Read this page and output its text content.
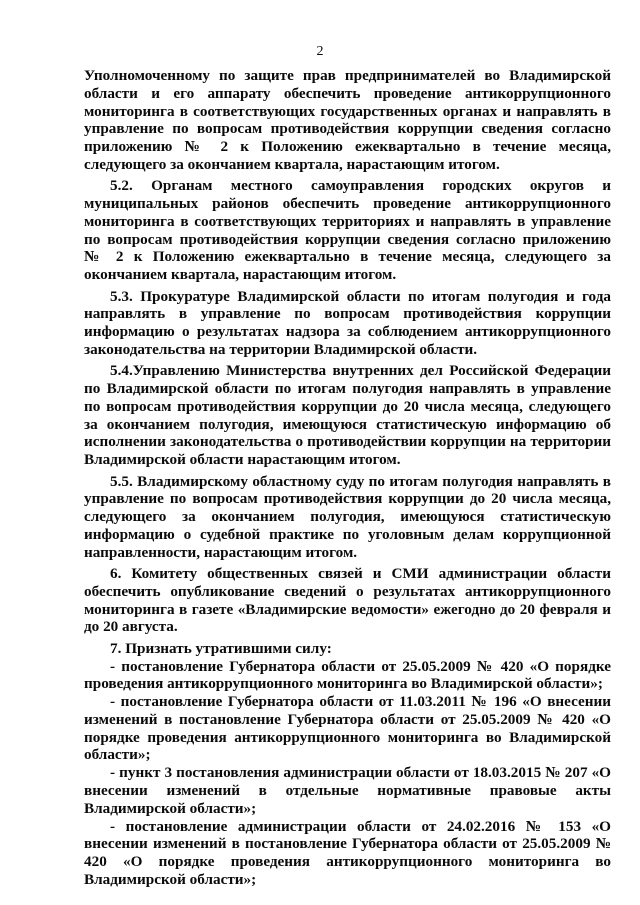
2

Уполномоченному по защите прав предпринимателей во Владимирской области и его аппарату обеспечить проведение антикоррупционного мониторинга в соответствующих государственных органах и направлять в управление по вопросам противодействия коррупции сведения согласно приложению № 2 к Положению ежеквартально в течение месяца, следующего за окончанием квартала, нарастающим итогом.

5.2. Органам местного самоуправления городских округов и муниципальных районов обеспечить проведение антикоррупционного мониторинга в соответствующих территориях и направлять в управление по вопросам противодействия коррупции сведения согласно приложению № 2 к Положению ежеквартально в течение месяца, следующего за окончанием квартала, нарастающим итогом.

5.3. Прокуратуре Владимирской области по итогам полугодия и года направлять в управление по вопросам противодействия коррупции информацию о результатах надзора за соблюдением антикоррупционного законодательства на территории Владимирской области.

5.4.Управлению Министерства внутренних дел Российской Федерации по Владимирской области по итогам полугодия направлять в управление по вопросам противодействия коррупции до 20 числа месяца, следующего за окончанием полугодия, имеющуюся статистическую информацию об исполнении законодательства о противодействии коррупции на территории Владимирской области нарастающим итогом.

5.5. Владимирскому областному суду по итогам полугодия направлять в управление по вопросам противодействия коррупции до 20 числа месяца, следующего за окончанием полугодия, имеющуюся статистическую информацию о судебной практике по уголовным делам коррупционной направленности, нарастающим итогом.

6. Комитету общественных связей и СМИ администрации области обеспечить опубликование сведений о результатах антикоррупционного мониторинга в газете «Владимирские ведомости» ежегодно до 20 февраля и до 20 августа.

7. Признать утратившими силу:

- постановление Губернатора области от 25.05.2009 № 420 «О порядке проведения антикоррупционного мониторинга во Владимирской области»;

- постановление Губернатора области от 11.03.2011 № 196 «О внесении изменений в постановление Губернатора области от 25.05.2009 № 420 «О порядке проведения антикоррупционного мониторинга во Владимирской области»;

- пункт 3 постановления администрации области от 18.03.2015 № 207 «О внесении изменений в отдельные нормативные правовые акты Владимирской области»;

- постановление администрации области от 24.02.2016 № 153 «О внесении изменений в постановление Губернатора области от 25.05.2009 № 420 «О порядке проведения антикоррупционного мониторинга во Владимирской области»;
